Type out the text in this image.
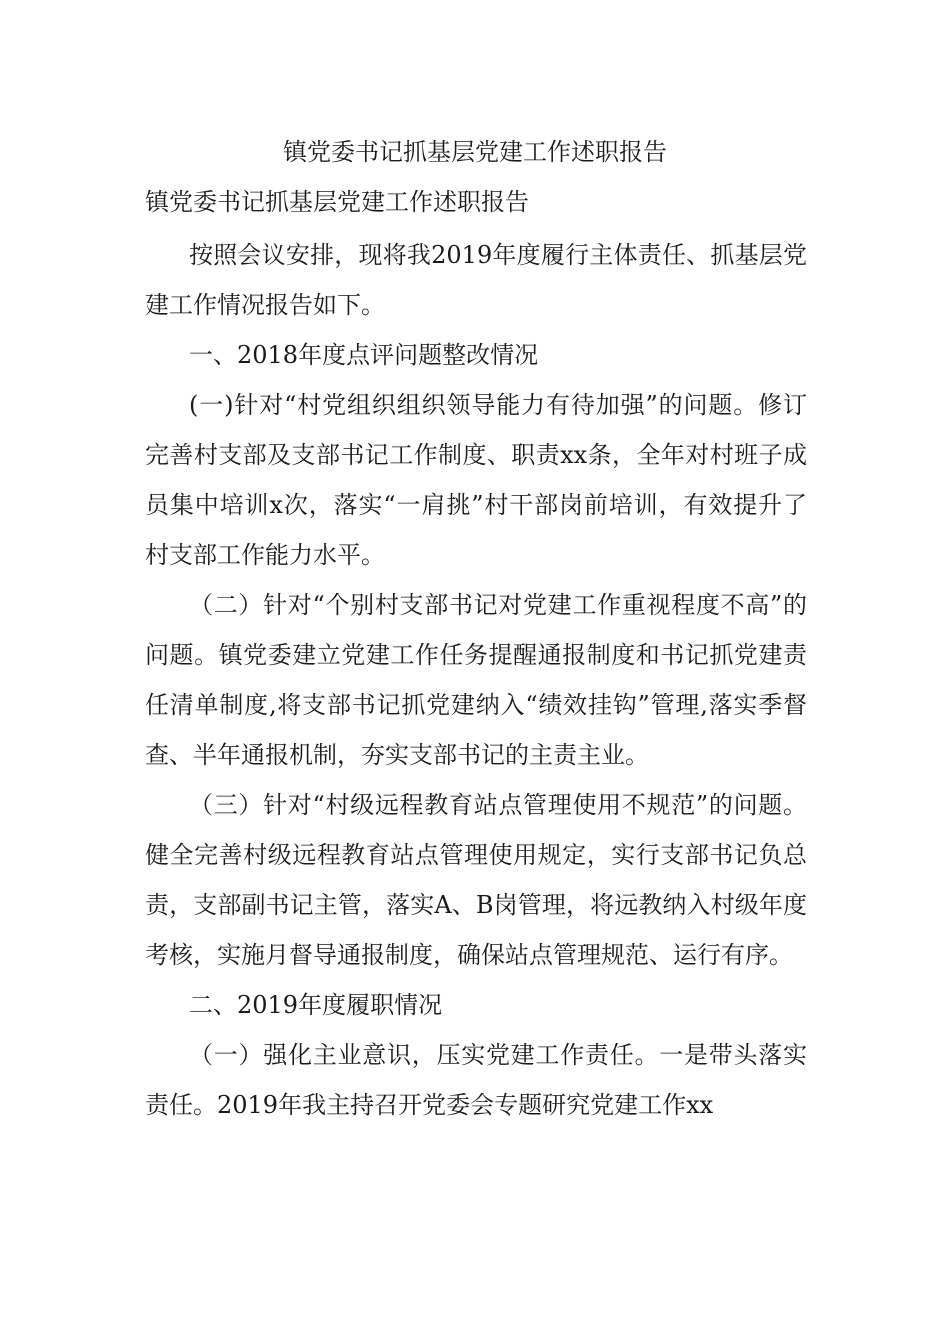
镇党委书记抓基层党建工作述职报告

镇党委书记抓基层党建工作述职报告

按照会议安排，现将我2019年度履行主体责任、抓基层党建工作情况报告如下。

一、2018年度点评问题整改情况

(一)针对“村党组织组织领导能力有待加强”的问题。修订完善村支部及支部书记工作制度、职责xx条，全年对村班子成员集中培训x次，落实“一肩挑”村干部岗前培训，有效提升了村支部工作能力水平。

（二）针对“个别村支部书记对党建工作重视程度不高”的问题。镇党委建立党建工作任务提醒通报制度和书记抓党建责任清单制度,将支部书记抓党建纳入“绩效挂钩”管理,落实季督查、半年通报机制，夯实支部书记的主责主业。

（三）针对“村级远程教育站点管理使用不规范”的问题。健全完善村级远程教育站点管理使用规定，实行支部书记负总责，支部副书记主管，落实A、B岗管理，将远教纳入村级年度考核，实施月督导通报制度，确保站点管理规范、运行有序。

二、2019年度履职情况

（一）强化主业意识，压实党建工作责任。一是带头落实责任。2019年我主持召开党委会专题研究党建工作xx
